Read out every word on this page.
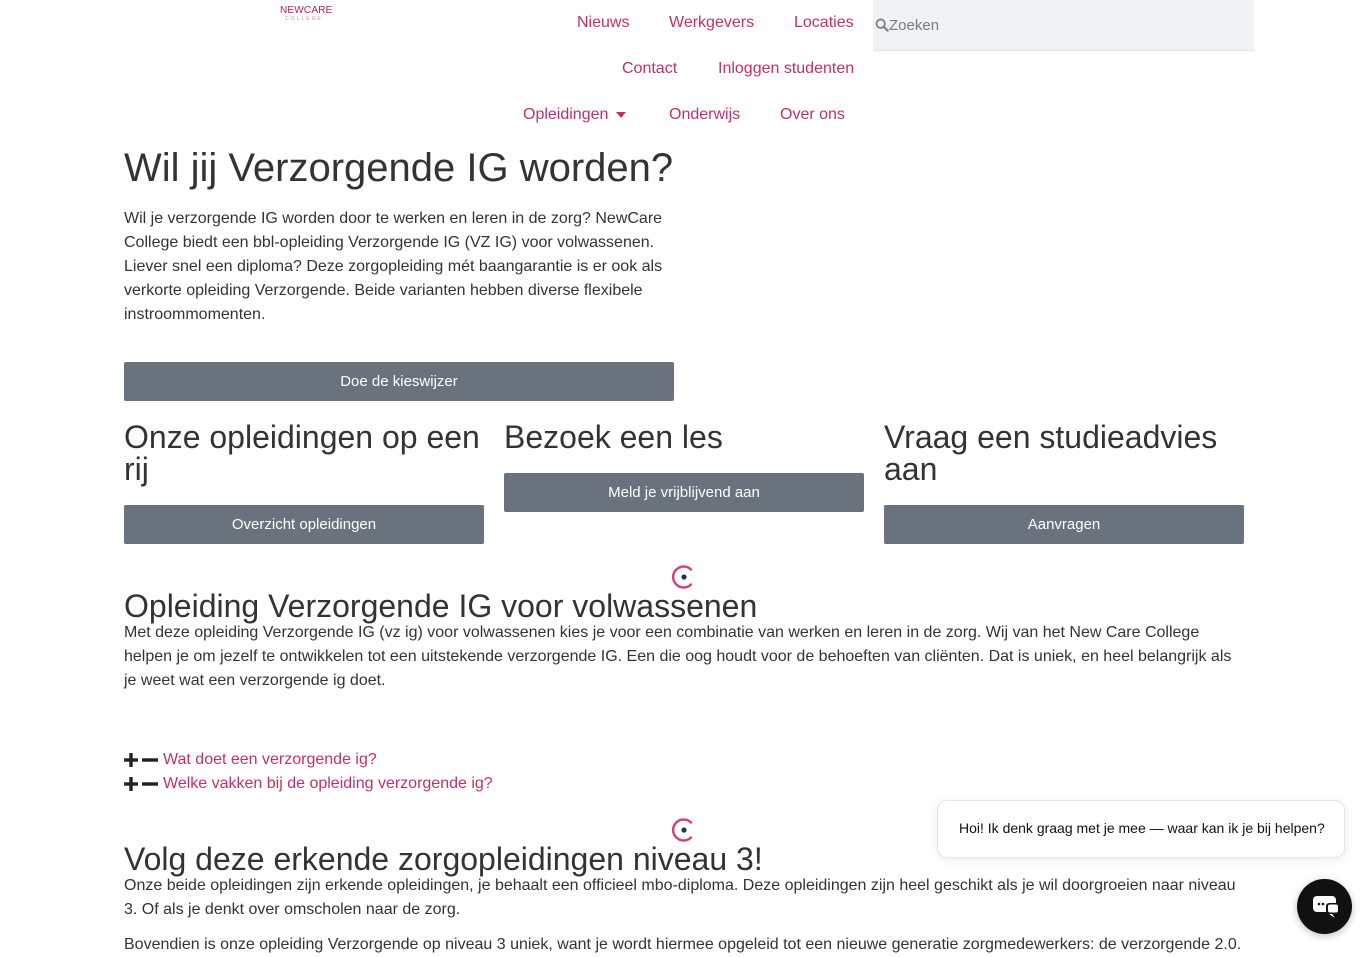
NEWCARE
COLLEGE	Nieuws Werkgevers Locaties
Contact	Inloggen studenten
Opleidingen	Onderwijs Over ons
Zoeken
Wil jij Verzorgende IG worden?

Wil je verzorgende IG worden door te werken en leren in de zorg? NewCare College biedt een bbl-opleiding Verzorgende IG (VZ IG) voor volwassenen. Liever snel een diploma? Deze zorgopleiding mét baangarantie is er ook als verkorte opleiding Verzorgende. Beide varianten hebben diverse flexibele instroommomenten.

Doe de kieswijzer
Onze opleidingen op een rij
Overzicht opleidingen
Bezoek een les
Meld je vrijblijvend aan
Vraag een studieadvies aan
Aanvragen
Opleiding Verzorgende IG voor volwassenen

Met deze opleiding Verzorgende IG (vz ig) voor volwassenen kies je voor een combinatie van werken en leren in de zorg. Wij van het New Care College helpen je om jezelf te ontwikkelen tot een uitstekende verzorgende IG. Een die oog houdt voor de behoeften van cliënten. Dat is uniek, en heel belangrijk als je weet wat een verzorgende ig doet.

Wat doet een verzorgende ig?
Welke vakken bij de opleiding verzorgende ig?
Volg deze erkende zorgopleidingen niveau 3!

Onze beide opleidingen zijn erkende opleidingen, je behaalt een officieel mbo-diploma. Deze opleidingen zijn heel geschikt als je wil doorgroeien naar niveau 3. Of als je denkt over omscholen naar de zorg.

Bovendien is onze opleiding Verzorgende op niveau 3 uniek, want je wordt hiermee opgeleid tot een nieuwe generatie zorgmedewerkers: de verzorgende 2.0.

Hoi! Ik denk graag met je mee — waar kan ik je bij helpen?
